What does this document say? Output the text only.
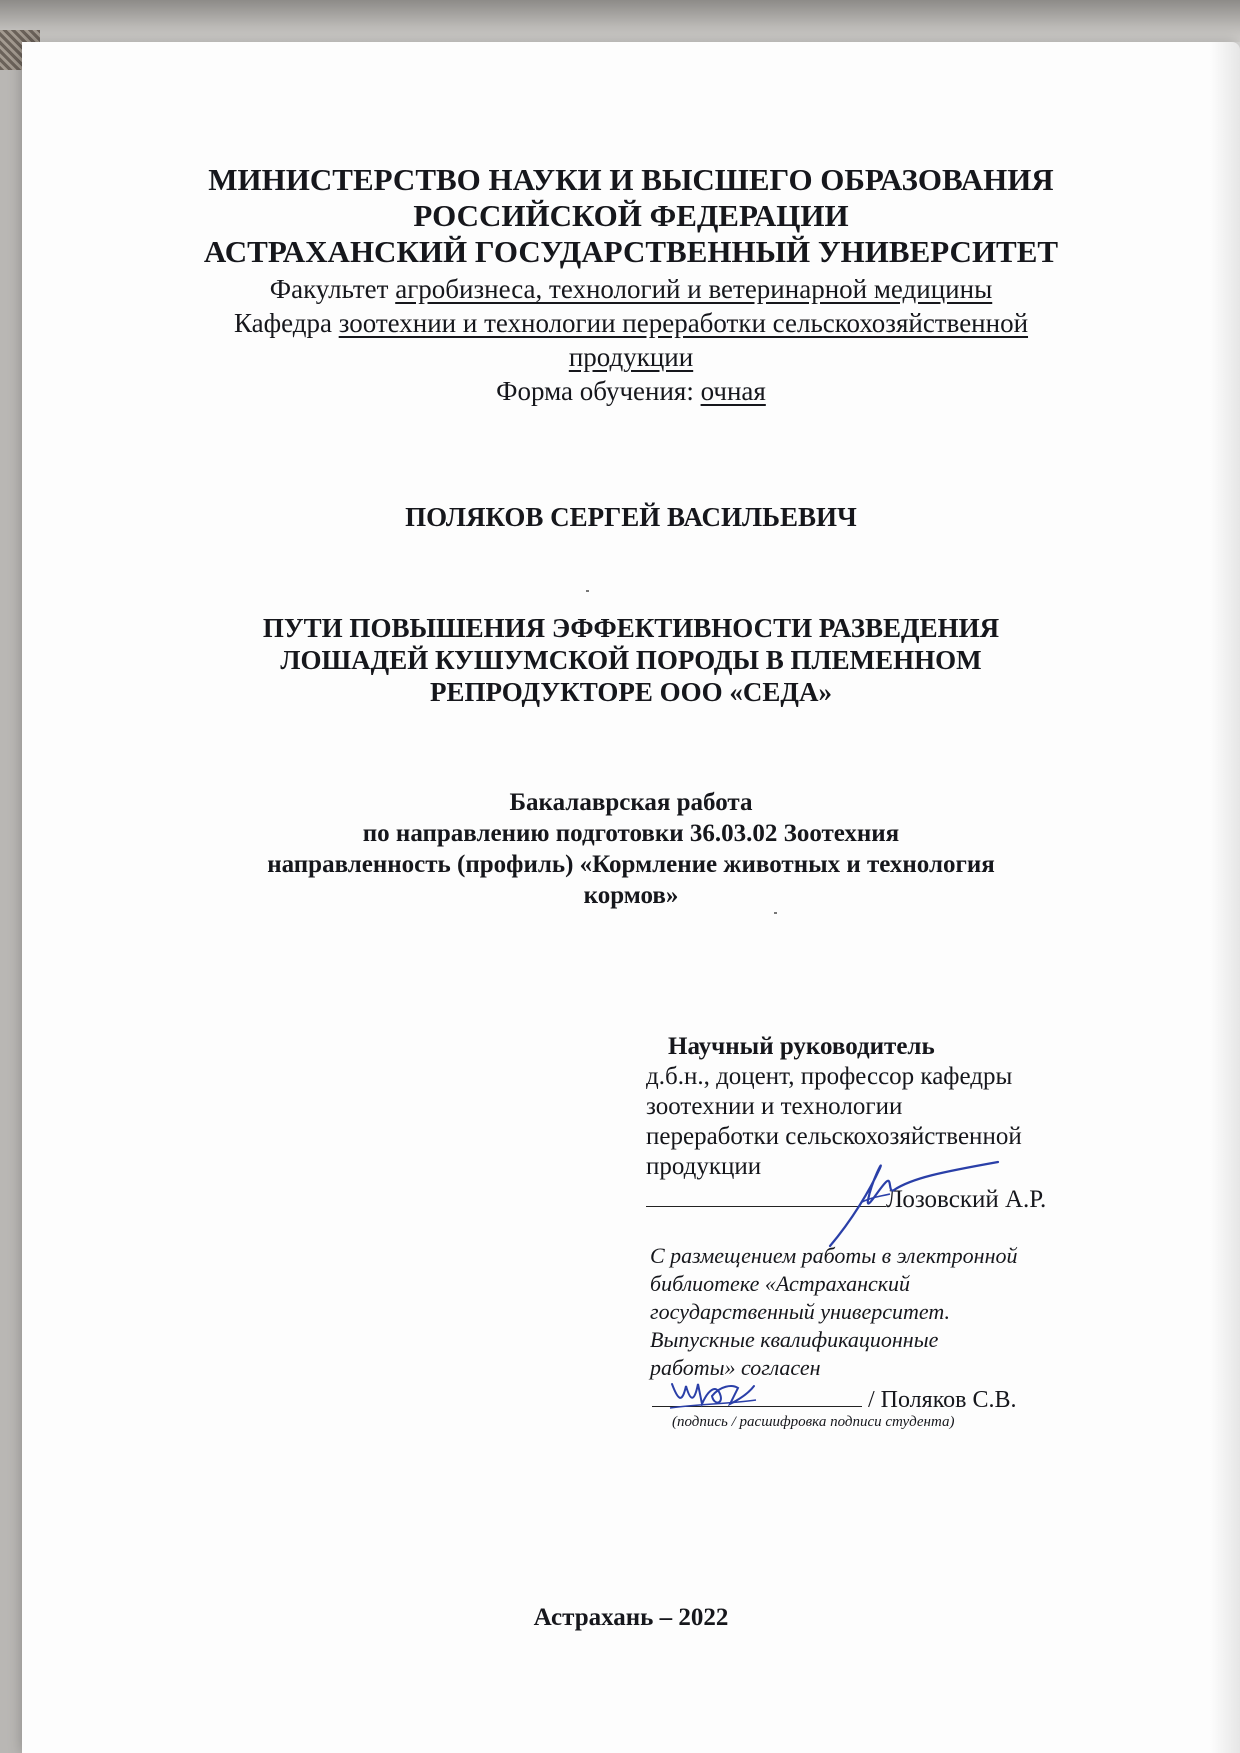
МИНИСТЕРСТВО НАУКИ И ВЫСШЕГО ОБРАЗОВАНИЯ
РОССИЙСКОЙ ФЕДЕРАЦИИ
АСТРАХАНСКИЙ ГОСУДАРСТВЕННЫЙ УНИВЕРСИТЕТ
Факультет агробизнеса, технологий и ветеринарной медицины
Кафедра зоотехнии и технологии переработки сельскохозяйственной
продукции
Форма обучения: очная
ПОЛЯКОВ СЕРГЕЙ ВАСИЛЬЕВИЧ
ПУТИ ПОВЫШЕНИЯ ЭФФЕКТИВНОСТИ РАЗВЕДЕНИЯ
ЛОШАДЕЙ КУШУМСКОЙ ПОРОДЫ В ПЛЕМЕННОМ
РЕПРОДУКТОРЕ ООО «СЕДА»
Бакалаврская работа
по направлению подготовки 36.03.02 Зоотехния
направленность (профиль) «Кормление животных и технология
кормов»
Научный руководитель
д.б.н., доцент, профессор кафедры
зоотехнии и технологии
переработки сельскохозяйственной
продукции
Лозовский А.Р.
С размещением работы в электронной
библиотеке «Астраханский
государственный университет.
Выпускные квалификационные
работы» согласен
/ Поляков С.В.
(подпись / расшифровка подписи студента)
Астрахань – 2022
